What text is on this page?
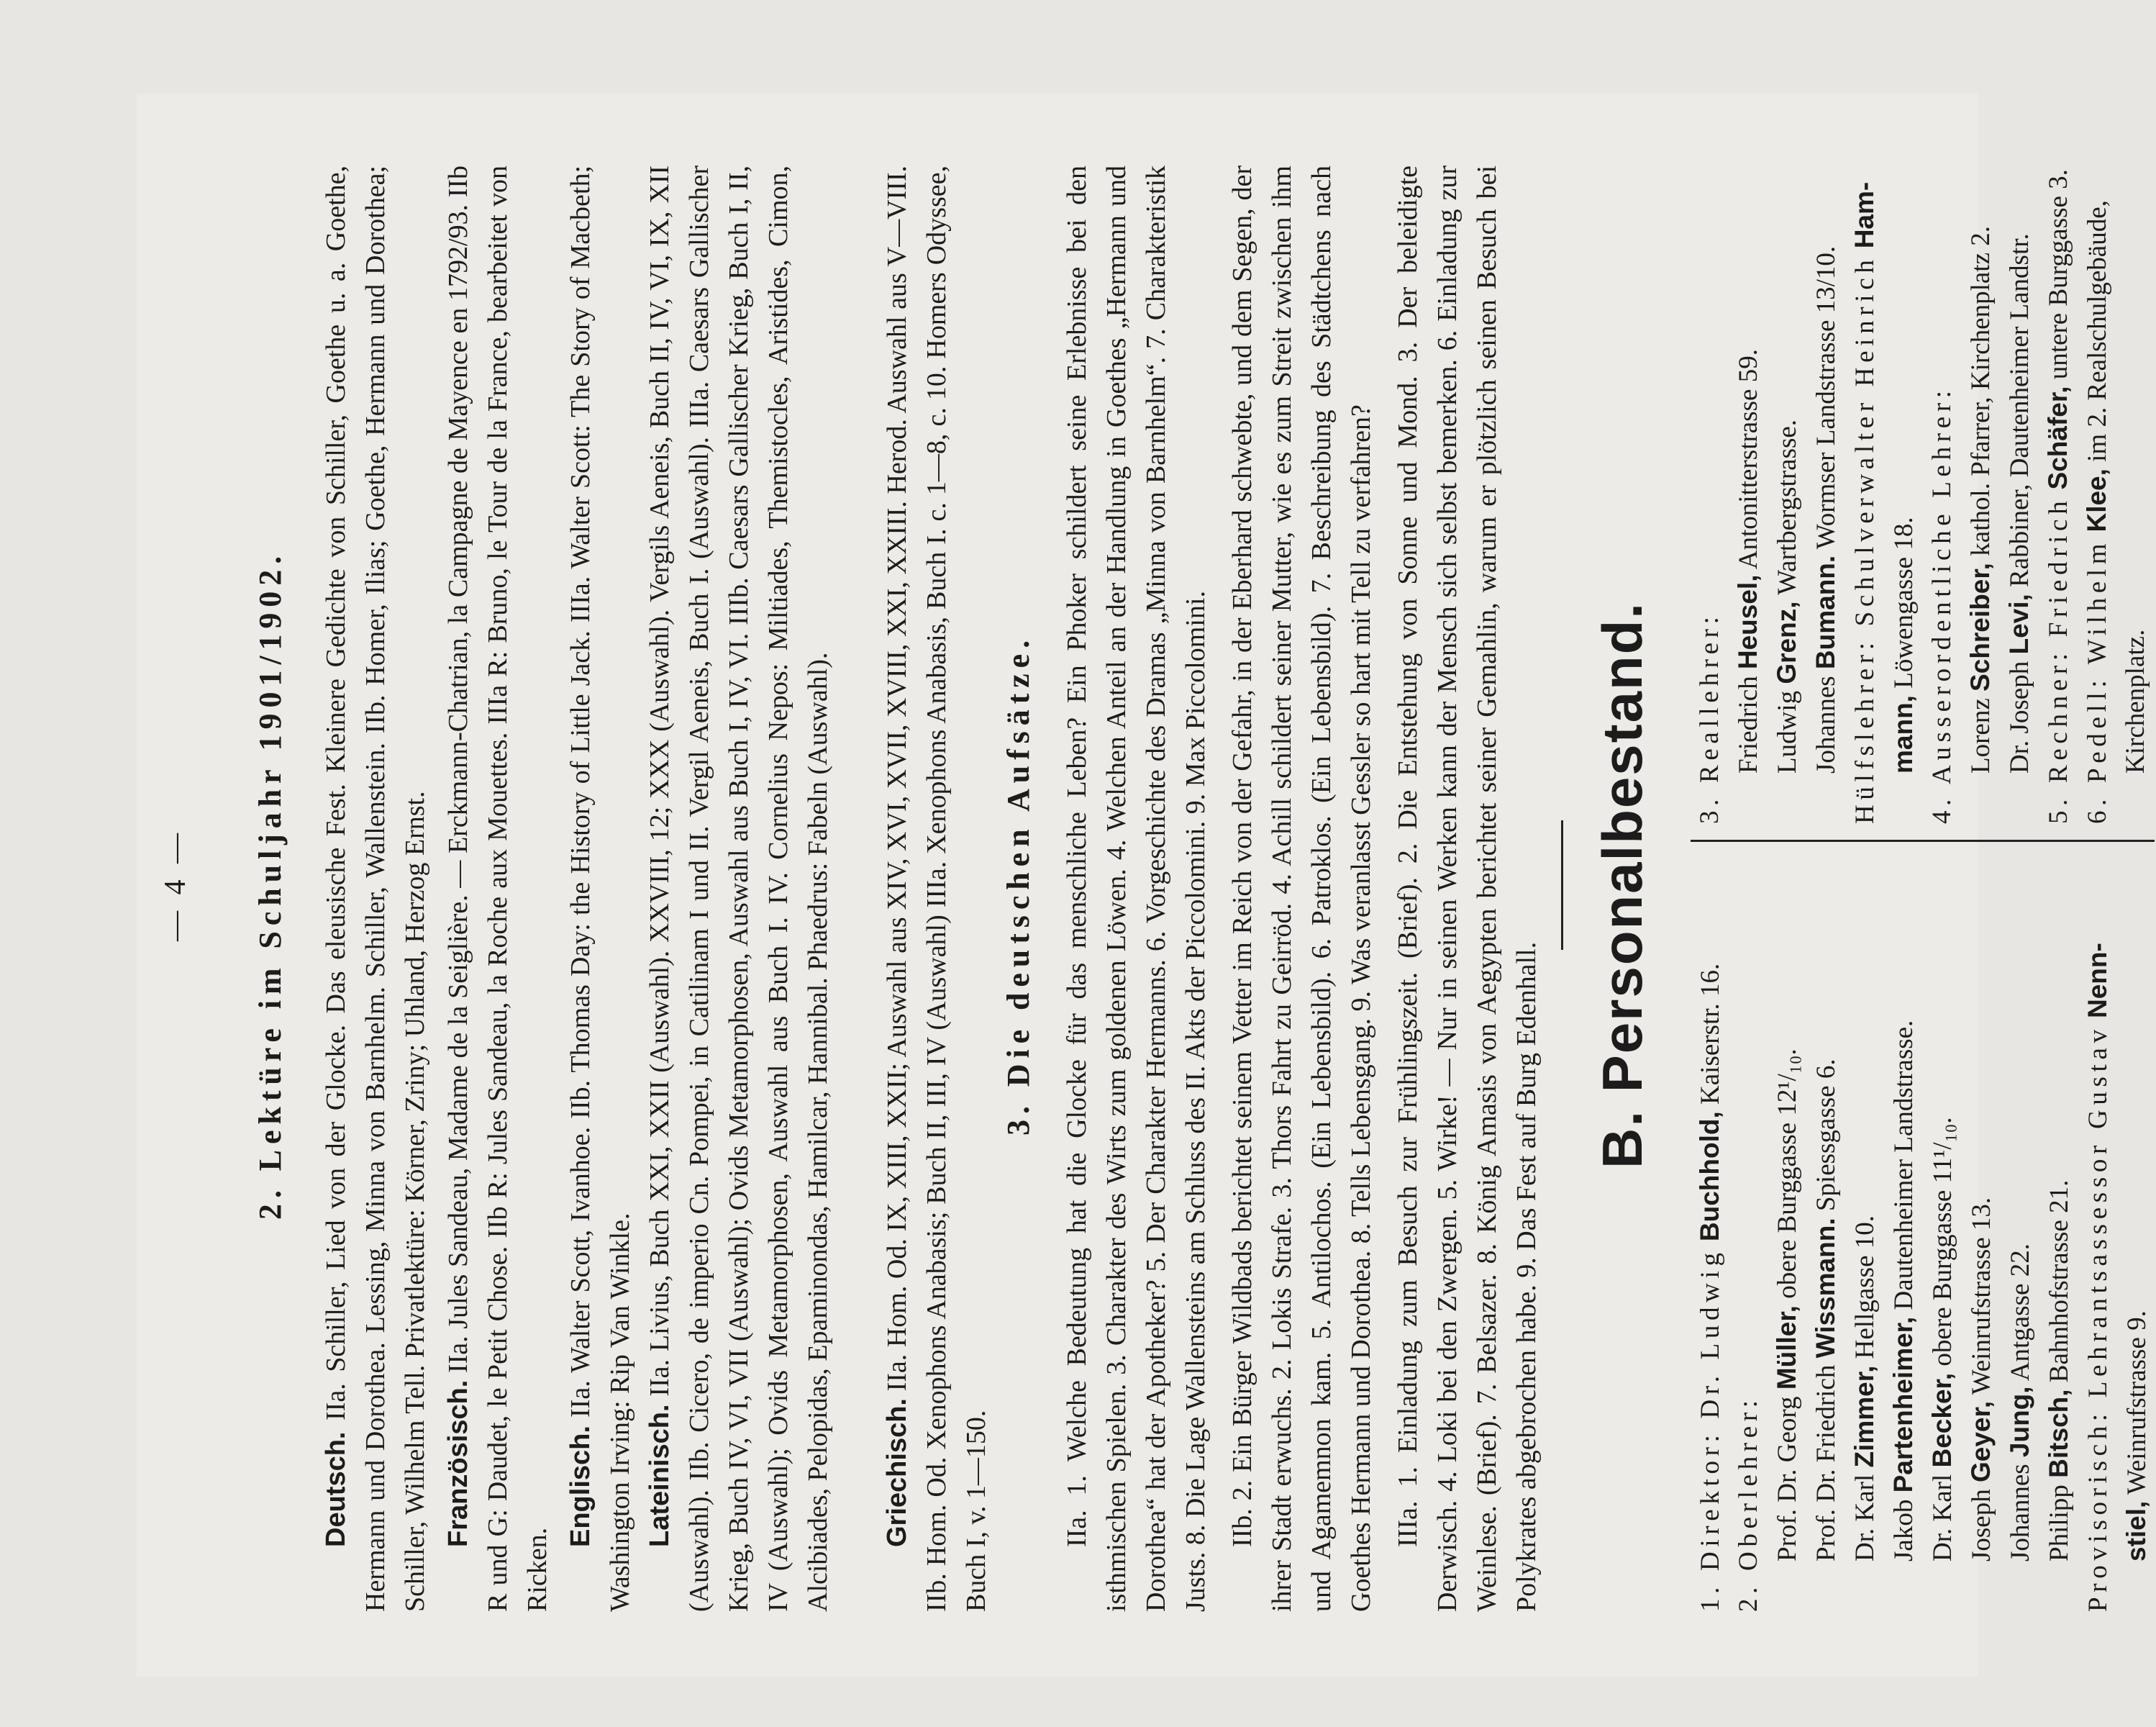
— 4 — 2. Lektüre im Schuljahr 1901/1902.
Deutsch. IIa. Schiller, Lied von der Glocke. Das eleusische Fest. Kleinere Gedichte von Schiller, Goethe u. a. Goethe, Hermann und Dorothea. Lessing, Minna von Barnhelm. Schiller, Wallenstein. IIb. Homer, Ilias; Goethe, Hermann und Dorothea; Schiller, Wilhelm Tell. Privatlektüre: Körner, Zriny; Uhland, Herzog Ernst. Französisch. IIa. Jules Sandeau, Madame de la Seiglière. — Erckmann-Chatrian, la Campagne de Mayence en 1792/93. IIb R und G: Daudet, le Petit Chose. IIb R: Jules Sandeau, la Roche aux Mouettes. IIIa R: Bruno, le Tour de la France, bearbeitet von Ricken.
Englisch. IIa. Walter Scott, Ivanhoe. IIb. Thomas Day: the History of Little Jack. IIIa. Walter Scott: The Story of Macbeth; Washington Irving: Rip Van Winkle. Lateinisch. IIa. Livius, Buch XXI, XXII (Auswahl). XXVIII, 12; XXX (Auswahl). Vergils Aeneis, Buch II, IV, VI, IX, XII (Auswahl). IIb. Cicero, de imperio Cn. Pompei, in Catilinam I und II. Vergil Aeneis, Buch I. (Auswahl). IIIa. Caesars Gallischer Krieg, Buch IV, VI, VII (Auswahl); Ovids Metamorphosen, Auswahl aus Buch I, IV, VI. IIIb. Caesars Gallischer Krieg, Buch I, II, IV (Auswahl); Ovids Metamorphosen, Auswahl aus Buch I. IV. Cornelius Nepos: Miltiades, Themistocles, Aristides, Cimon, Alcibiades, Pelopidas, Epaminondas, Hamilcar, Hannibal. Phaedrus: Fabeln (Auswahl). Griechisch. IIa. Hom. Od. IX, XIII, XXII; Auswahl aus XIV, XVI, XVII, XVIII, XXI, XXIII. Herod. Auswahl aus V—VIII. IIb. Hom. Od. Xenophons Anabasis; Buch II, III, IV (Auswahl) IIIa. Xenophons Anabasis, Buch I. c. 1—8, c. 10. Homers Odyssee, Buch I, v. 1—150.
3. Die deutschen Aufsätze. IIa. 1. Welche Bedeutung hat die Glocke für das menschliche Leben? Ein Phoker schildert seine Erlebnisse bei den isthmischen Spielen. 3. Charakter des Wirts zum goldenen Löwen. 4. Welchen Anteil an der Handlung in Goethes „Hermann und Dorothea“ hat der Apotheker? 5. Der Charakter Hermanns. 6. Vorgeschichte des Dramas „Minna von Barnhelm“. 7. Charakteristik Justs. 8. Die Lage Wallensteins am Schluss des II. Akts der Piccolomini. 9. Max Piccolomini. IIb. 2. Ein Bürger Wildbads berichtet seinem Vetter im Reich von der Gefahr, in der Eberhard schwebte, und dem Segen, der ihrer Stadt erwuchs. 2. Lokis Strafe. 3. Thors Fahrt zu Geirröd. 4. Achill schildert seiner Mutter, wie es zum Streit zwischen ihm und Agamemnon kam. 5. Antilochos. (Ein Lebensbild). 6. Patroklos. (Ein Lebensbild). 7. Beschreibung des Städtchens nach Goethes Hermann und Dorothea. 8. Tells Lebensgang. 9. Was veranlasst Gessler so hart mit Tell zu verfahren? IIIa. 1. Einladung zum Besuch zur Frühlingszeit. (Brief). 2. Die Entstehung von Sonne und Mond. 3. Der beleidigte Derwisch. 4. Loki bei den Zwergen. 5. Wirke! — Nur in seinen Werken kann der Mensch sich selbst bemerken. 6. Einladung zur Weinlese. (Brief). 7. Belsazer. 8. König Amasis von Aegypten berichtet seiner Gemahlin, warum er plötzlich seinen Besuch bei Polykrates abgebrochen habe. 9. Das Fest auf Burg Edenhall.
B. Personalbestand.
1. Direktor: Dr. Ludwig Buchhold, Kaiserstr. 16.
2. Oberlehrer: Prof. Dr. Georg Müller, obere Burggasse 12¹/₁₀.
Prof. Dr. Friedrich Wissmann. Spiessgasse 6.
Dr. Karl Zimmer, Hellgasse 10.
Jakob Partenheimer, Dautenheimer Landstrasse.
Dr. Karl Becker, obere Burggasse 11¹/₁₀.
Joseph Geyer, Weinrufstrasse 13.
Johannes Jung, Antgasse 22.
Philipp Bitsch, Bahnhofstrasse 21. Provisorisch: Lehrantsassessor Gustav Nenn-
stiel, Weinrufstrasse 9.
3. Reallehrer: Friedrich Heusel, Antonitterstrasse 59.
Ludwig Grenz, Wartbergstrasse.
Johannes Bumann. Wormser Landstrasse 13/10. Hülfslehrer: Schulverwalter Heinrich Ham-
mann, Löwengasse 18. 4. Ausserordentliche Lehrer: Lorenz Schreiber, kathol. Pfarrer, Kirchenplatz 2.
Dr. Joseph Levi, Rabbiner, Dautenheimer Landstr.
5. Rechner: Friedrich Schäfer, untere Burggasse 3.
6. Pedell: Wilhelm Klee, im 2. Realschulgebäude,
Kirchenplatz.
